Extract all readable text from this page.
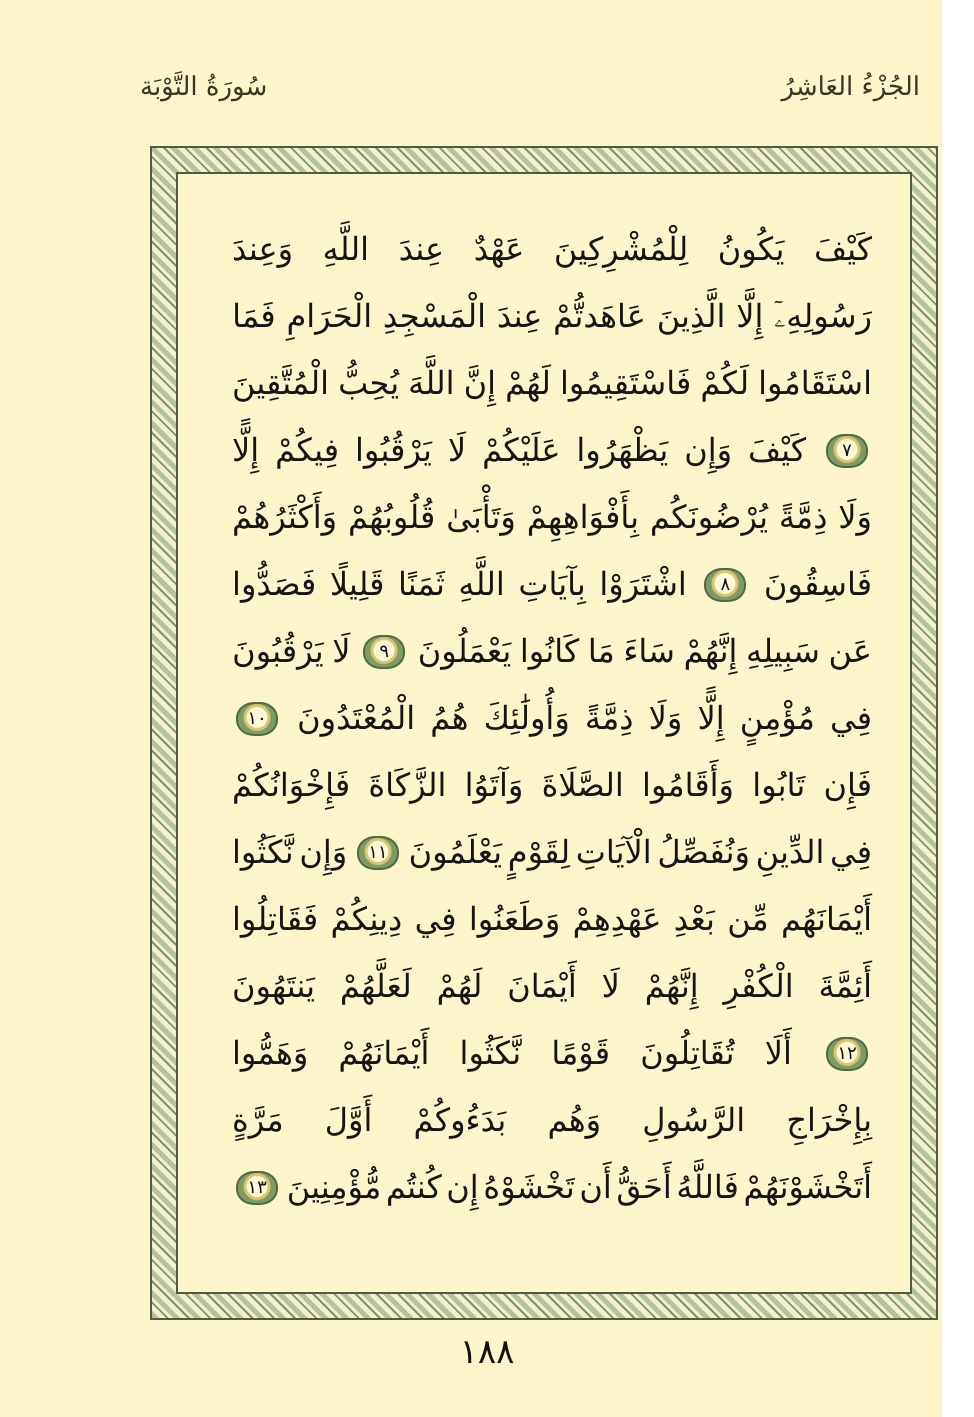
سُورَةُ التَّوْبَة	الجُزْءُ العَاشِرُ
كَيْفَ
يَكُونُ
لِلْمُشْرِكِينَ
عَهْدٌ
عِندَ
اللَّهِ
وَعِندَ
رَسُولِهِۦٓ
إِلَّا
الَّذِينَ
عَاهَدتُّمْ
عِندَ
الْمَسْجِدِ
الْحَرَامِ
فَمَا
اسْتَقَامُوا
لَكُمْ
فَاسْتَقِيمُوا
لَهُمْ
إِنَّ
اللَّهَ
يُحِبُّ
الْمُتَّقِينَ
٧
كَيْفَ
وَإِن
يَظْهَرُوا
عَلَيْكُمْ
لَا
يَرْقُبُوا
فِيكُمْ
إِلًّا
وَلَا
ذِمَّةً
يُرْضُونَكُم
بِأَفْوَاهِهِمْ
وَتَأْبَىٰ
قُلُوبُهُمْ
وَأَكْثَرُهُمْ
فَاسِقُونَ
٨
اشْتَرَوْا
بِآيَاتِ
اللَّهِ
ثَمَنًا
قَلِيلًا
فَصَدُّوا
عَن
سَبِيلِهِ
إِنَّهُمْ
سَاءَ
مَا
كَانُوا
يَعْمَلُونَ
٩
لَا
يَرْقُبُونَ
فِي
مُؤْمِنٍ
إِلًّا
وَلَا
ذِمَّةً
وَأُولَٰئِكَ
هُمُ
الْمُعْتَدُونَ
١٠
فَإِن
تَابُوا
وَأَقَامُوا
الصَّلَاةَ
وَآتَوُا
الزَّكَاةَ
فَإِخْوَانُكُمْ
فِي
الدِّينِ
وَنُفَصِّلُ
الْآيَاتِ
لِقَوْمٍ
يَعْلَمُونَ
١١
وَإِن
نَّكَثُوا
أَيْمَانَهُم
مِّن
بَعْدِ
عَهْدِهِمْ
وَطَعَنُوا
فِي
دِينِكُمْ
فَقَاتِلُوا
أَئِمَّةَ
الْكُفْرِ
إِنَّهُمْ
لَا
أَيْمَانَ
لَهُمْ
لَعَلَّهُمْ
يَنتَهُونَ
١٢
أَلَا
تُقَاتِلُونَ
قَوْمًا
نَّكَثُوا
أَيْمَانَهُمْ
وَهَمُّوا
بِإِخْرَاجِ
الرَّسُولِ
وَهُم
بَدَءُوكُمْ
أَوَّلَ
مَرَّةٍ
أَتَخْشَوْنَهُمْ
فَاللَّهُ
أَحَقُّ
أَن
تَخْشَوْهُ
إِن
كُنتُم
مُّؤْمِنِينَ
١٣
١٨٨
